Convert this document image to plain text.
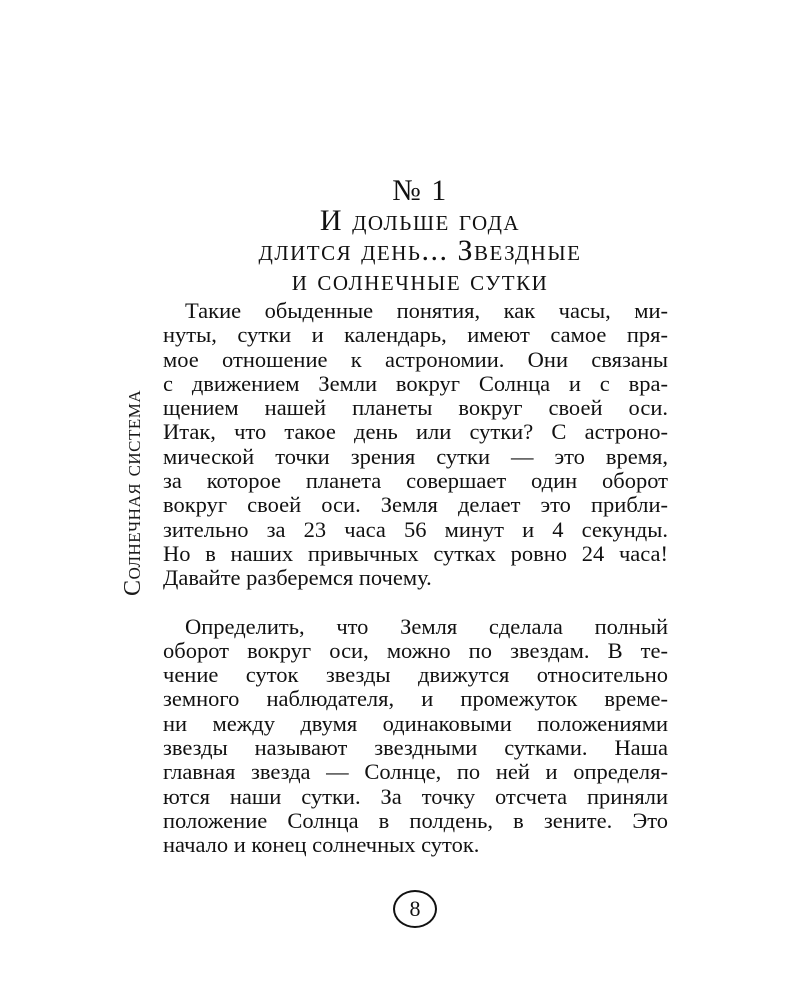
Солнечная система
№ 1
И дольше года
длится день... Звездные
и солнечные сутки

Такие обыденные понятия, как часы, ми-
нуты, сутки и календарь, имеют самое пря-
мое отношение к астрономии. Они связаны
с движением Земли вокруг Солнца и с вра-
щением нашей планеты вокруг своей оси.
Итак, что такое день или сутки? С астроно-
мической точки зрения сутки — это время,
за которое планета совершает один оборот
вокруг своей оси. Земля делает это прибли-
зительно за 23 часа 56 минут и 4 секунды.
Но в наших привычных сутках ровно 24 часа!
Давайте разберемся почему.

Определить, что Земля сделала полный
оборот вокруг оси, можно по звездам. В те-
чение суток звезды движутся относительно
земного наблюдателя, и промежуток време-
ни между двумя одинаковыми положениями
звезды называют звездными сутками. Наша
главная звезда — Солнце, по ней и определя-
ются наши сутки. За точку отсчета приняли
положение Солнца в полдень, в зените. Это
начало и конец солнечных суток.

8
